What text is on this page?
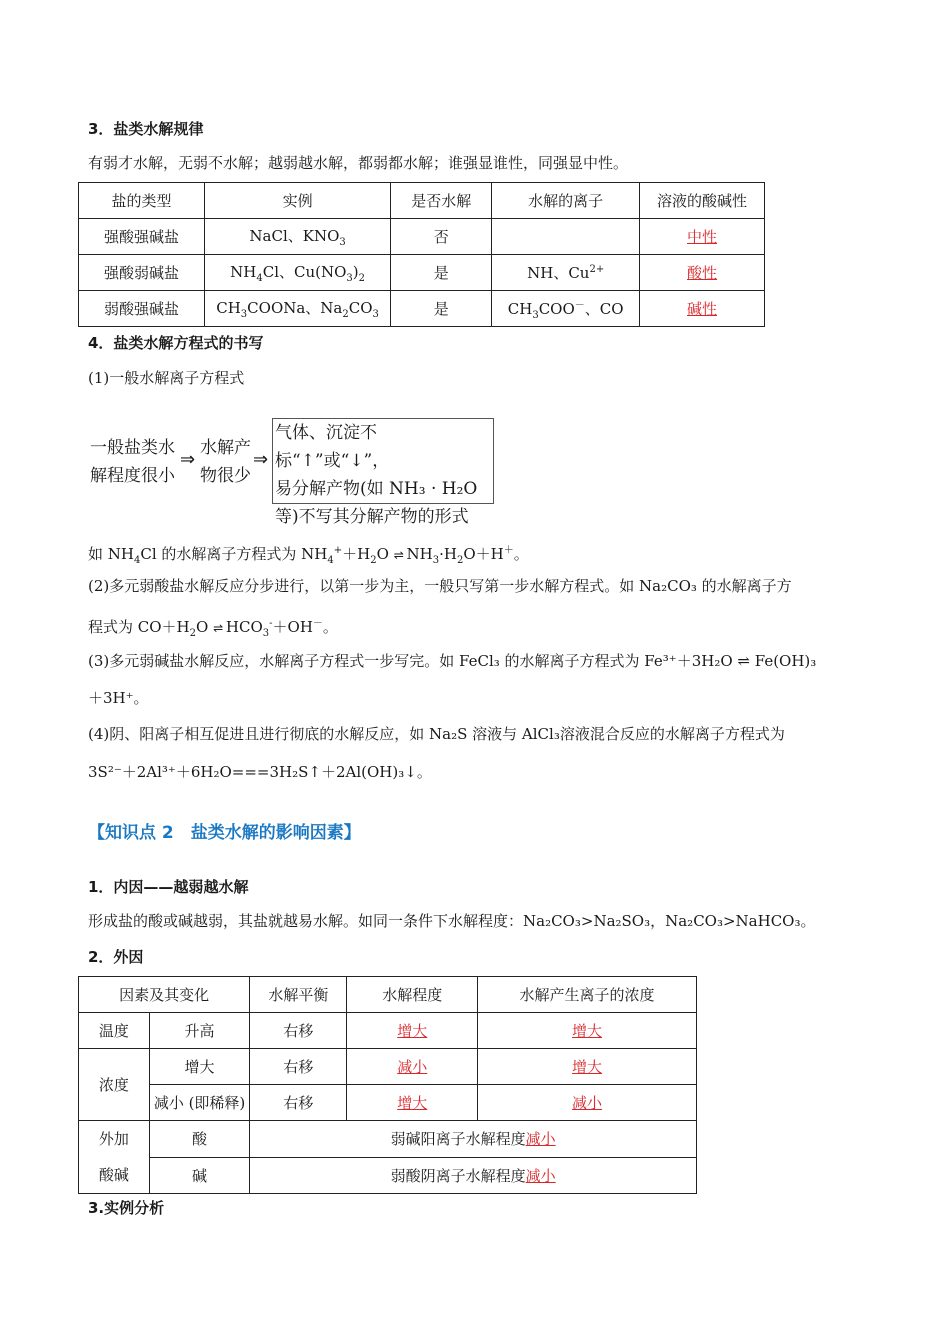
3．盐类水解规律
有弱才水解，无弱不水解；越弱越水解，都弱都水解；谁强显谁性，同强显中性。
盐的类型	实例	是否水解	水解的离子	溶液的酸碱性
强酸强碱盐	NaCl、$KNO_3$	否		中性
强酸弱碱盐	$NH_4Cl$、$Cu(NO_3)_2$	是	NH、$Cu^{2+}$	酸性
弱酸强碱盐	$CH_3COONa$、$Na_2CO_3$	是	$CH_3COO^-$、CO	碱性
4．盐类水解方程式的书写
(1)一般水解离子方程式
一般盐类水
解程度很小
⇒
水解产
物很少
⇒
气体、沉淀不标“↑”或“↓”，
易分解产物(如 NH₃ · H₂O
等)不写其分解产物的形式
如 $NH_4Cl$ 的水解离子方程式为 $NH_4^++H_2O$ ⇌ $NH_3\cdot H_2O+H^+$。
(2)多元弱酸盐水解反应分步进行，以第一步为主，一般只写第一步水解方程式。如 Na₂CO₃ 的水解离子方
程式为 $CO+H_2O$ ⇌ $HCO_3^-+OH^-$。
(3)多元弱碱盐水解反应，水解离子方程式一步写完。如 FeCl₃ 的水解离子方程式为 Fe³⁺＋3H₂O ⇌ Fe(OH)₃
＋3H⁺。
(4)阴、阳离子相互促进且进行彻底的水解反应，如 Na₂S 溶液与 AlCl₃溶液混合反应的水解离子方程式为
3S²⁻＋2Al³⁺＋6H₂O===3H₂S↑＋2Al(OH)₃↓。
【知识点 2　盐类水解的影响因素】
1．内因——越弱越水解
形成盐的酸或碱越弱，其盐就越易水解。如同一条件下水解程度：Na₂CO₃>Na₂SO₃，Na₂CO₃>NaHCO₃。
2．外因
因素及其变化		水解平衡	水解程度	水解产生离子的浓度
温度	升高	右移	增大	增大
浓度	增大	右移	减小	增大
	减小 (即稀释)	右移	增大	减小

外加
酸碱	酸	弱碱阳离子水解程度减小		
	碱	弱酸阴离子水解程度减小		
3.实例分析
